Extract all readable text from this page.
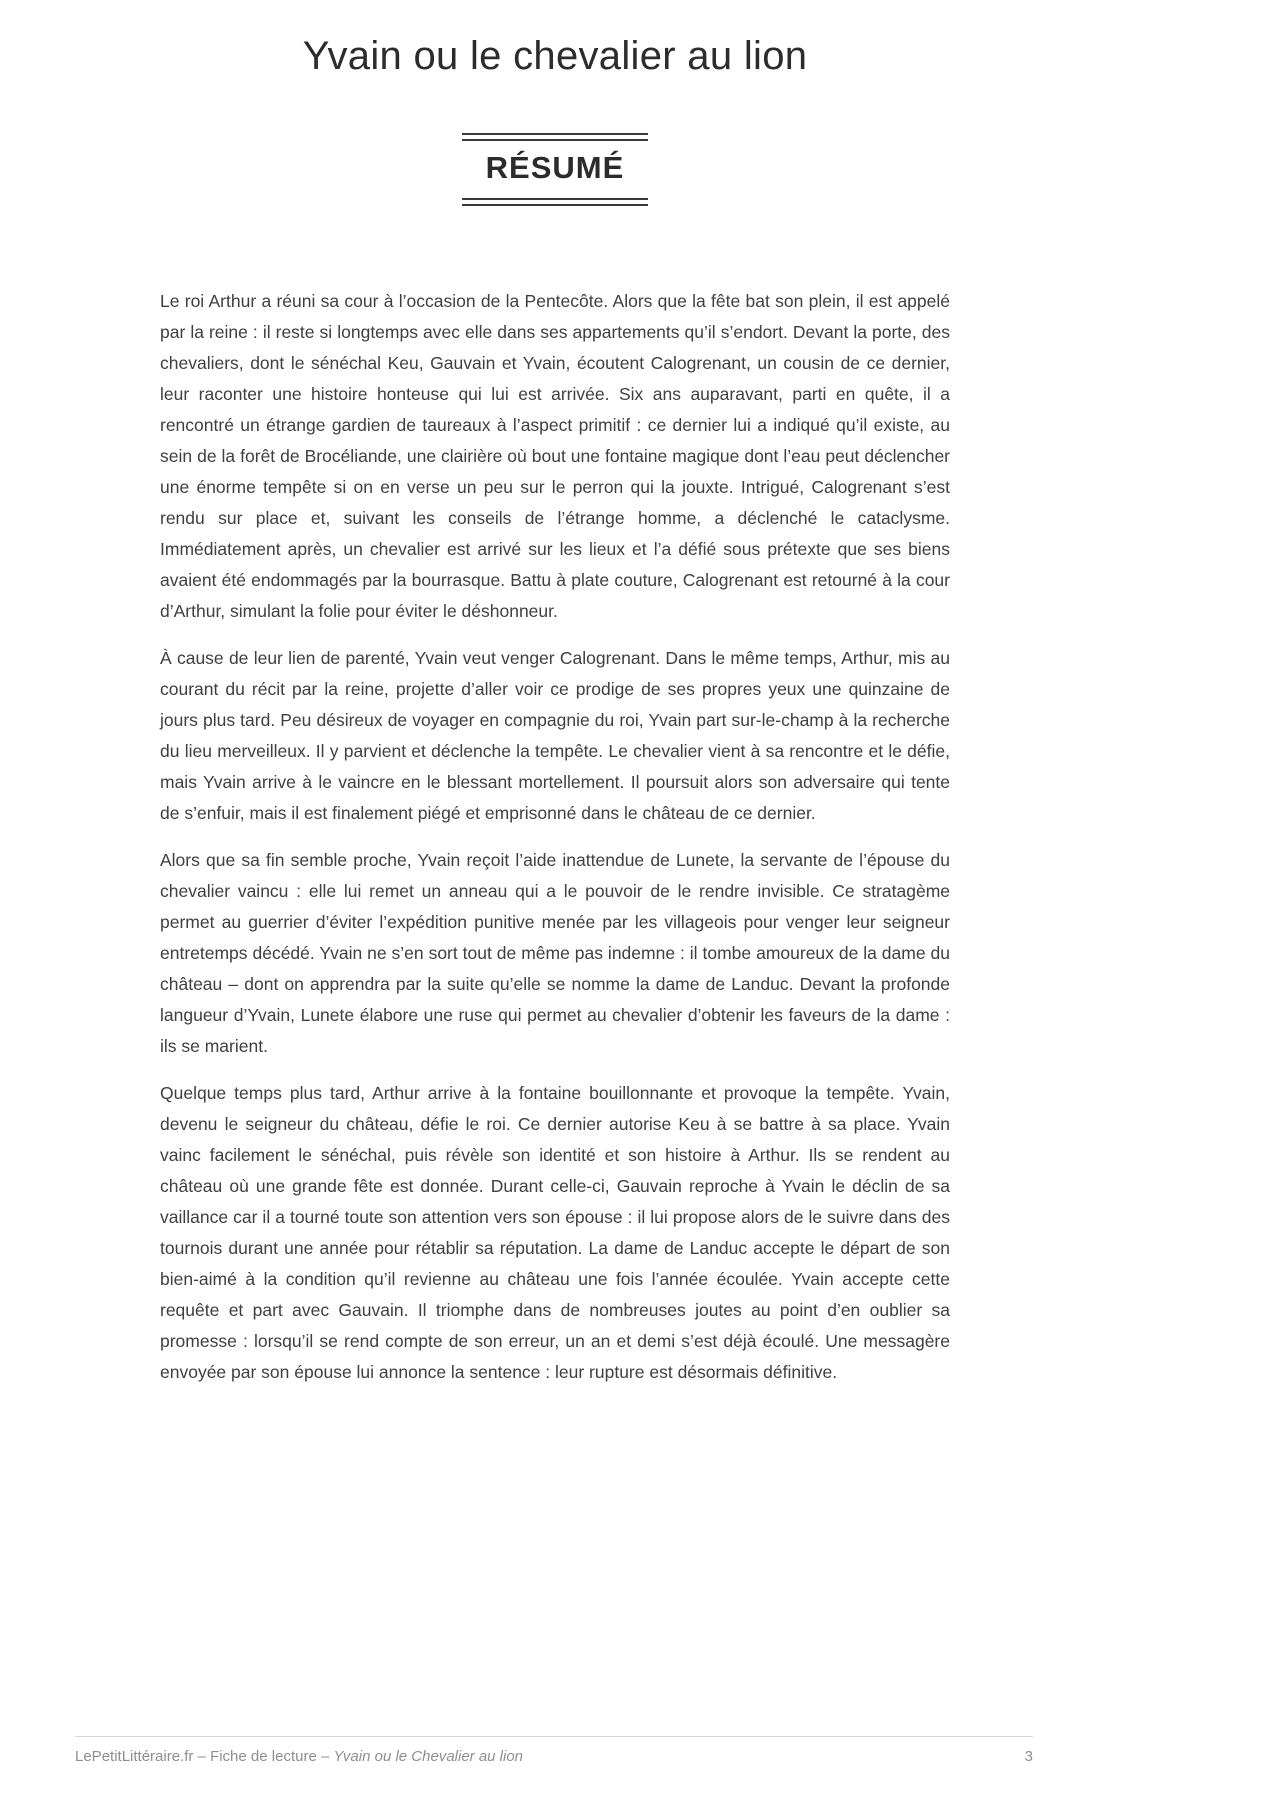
Yvain ou le chevalier au lion
RÉSUMÉ

Le roi Arthur a réuni sa cour à l’occasion de la Pentecôte. Alors que la fête bat son plein, il est appelé par la reine : il reste si longtemps avec elle dans ses appartements qu’il s’endort. Devant la porte, des chevaliers, dont le sénéchal Keu, Gauvain et Yvain, écoutent Calogrenant, un cousin de ce dernier, leur raconter une histoire honteuse qui lui est arrivée. Six ans auparavant, parti en quête, il a rencontré un étrange gardien de taureaux à l’aspect primitif : ce dernier lui a indiqué qu’il existe, au sein de la forêt de Brocéliande, une clairière où bout une fontaine magique dont l’eau peut déclencher une énorme tempête si on en verse un peu sur le perron qui la jouxte. Intrigué, Calogrenant s’est rendu sur place et, suivant les conseils de l’étrange homme, a déclenché le cataclysme. Immédiatement après, un chevalier est arrivé sur les lieux et l’a défié sous prétexte que ses biens avaient été endommagés par la bourrasque. Battu à plate couture, Calogrenant est retourné à la cour d’Arthur, simulant la folie pour éviter le déshonneur.

À cause de leur lien de parenté, Yvain veut venger Calogrenant. Dans le même temps, Arthur, mis au courant du récit par la reine, projette d’aller voir ce prodige de ses propres yeux une quinzaine de jours plus tard. Peu désireux de voyager en compagnie du roi, Yvain part sur-le-champ à la recherche du lieu merveilleux. Il y parvient et déclenche la tempête. Le chevalier vient à sa rencontre et le défie, mais Yvain arrive à le vaincre en le blessant mortellement. Il poursuit alors son adversaire qui tente de s’enfuir, mais il est finalement piégé et emprisonné dans le château de ce dernier.

Alors que sa fin semble proche, Yvain reçoit l’aide inattendue de Lunete, la servante de l’épouse du chevalier vaincu : elle lui remet un anneau qui a le pouvoir de le rendre invisible. Ce stratagème permet au guerrier d’éviter l’expédition punitive menée par les villageois pour venger leur seigneur entretemps décédé. Yvain ne s’en sort tout de même pas indemne : il tombe amoureux de la dame du château – dont on apprendra par la suite qu’elle se nomme la dame de Landuc. Devant la profonde langueur d’Yvain, Lunete élabore une ruse qui permet au chevalier d’obtenir les faveurs de la dame : ils se marient.

Quelque temps plus tard, Arthur arrive à la fontaine bouillonnante et provoque la tempête. Yvain, devenu le seigneur du château, défie le roi. Ce dernier autorise Keu à se battre à sa place. Yvain vainc facilement le sénéchal, puis révèle son identité et son histoire à Arthur. Ils se rendent au château où une grande fête est donnée. Durant celle-ci, Gauvain reproche à Yvain le déclin de sa vaillance car il a tourné toute son attention vers son épouse : il lui propose alors de le suivre dans des tournois durant une année pour rétablir sa réputation. La dame de Landuc accepte le départ de son bien-aimé à la condition qu’il revienne au château une fois l’année écoulée. Yvain accepte cette requête et part avec Gauvain. Il triomphe dans de nombreuses joutes au point d’en oublier sa promesse : lorsqu’il se rend compte de son erreur, un an et demi s’est déjà écoulé. Une messagère envoyée par son épouse lui annonce la sentence : leur rupture est désormais définitive.

LePetitLittéraire.fr – Fiche de lecture – Yvain ou le Chevalier au lion	3
